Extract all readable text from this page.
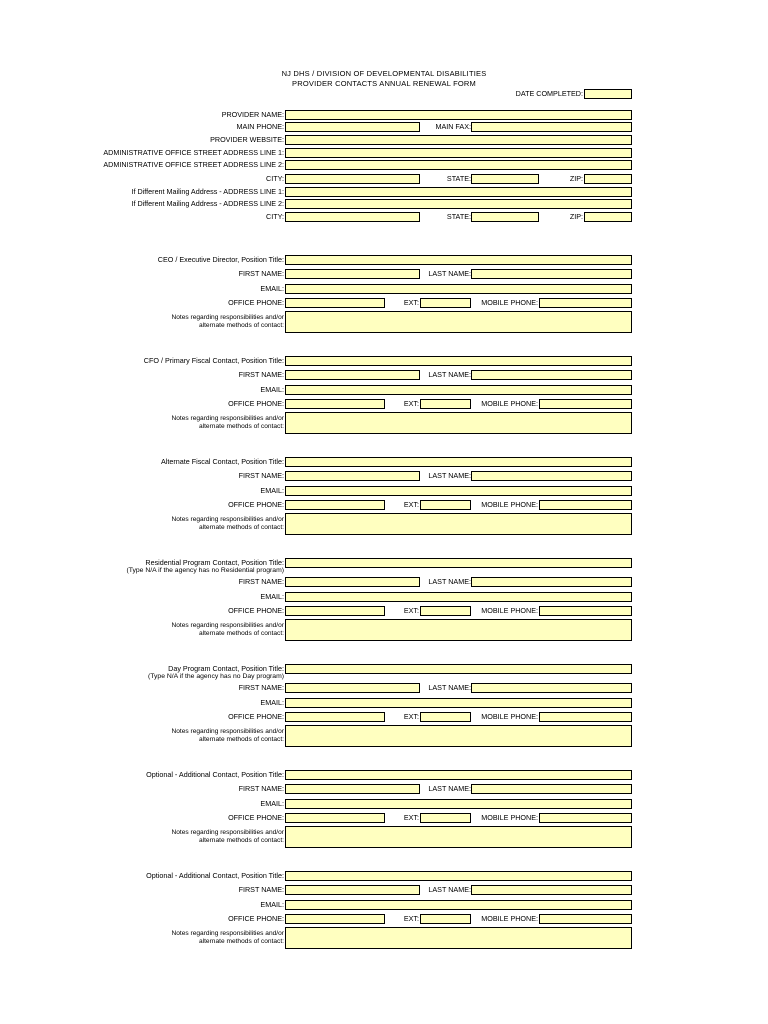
NJ DHS / DIVISION OF DEVELOPMENTAL DISABILITIES
PROVIDER CONTACTS ANNUAL RENEWAL FORM
DATE COMPLETED:
PROVIDER NAME:
MAIN PHONE:	MAIN FAX:
PROVIDER WEBSITE:
ADMINISTRATIVE OFFICE STREET ADDRESS LINE 1:
ADMINISTRATIVE OFFICE STREET ADDRESS LINE 2:
CITY:	STATE:	ZIP:
If Different Mailing Address - ADDRESS LINE 1:
If Different Mailing Address - ADDRESS LINE 2:
CITY:	STATE:	ZIP:
CEO / Executive Director, Position Title:
FIRST NAME:	LAST NAME:
EMAIL:
OFFICE PHONE:	EXT:	MOBILE PHONE:
Notes regarding responsibilities and/or
alternate methods of contact:
CFO / Primary Fiscal Contact, Position Title:
FIRST NAME:	LAST NAME:
EMAIL:
OFFICE PHONE:	EXT:	MOBILE PHONE:
Notes regarding responsibilities and/or
alternate methods of contact:
Alternate Fiscal Contact, Position Title:
FIRST NAME:	LAST NAME:
EMAIL:
OFFICE PHONE:	EXT:	MOBILE PHONE:
Notes regarding responsibilities and/or
alternate methods of contact:
Residential Program Contact, Position Title:
(Type N/A if the agency has no Residential program)
FIRST NAME:	LAST NAME:
EMAIL:
OFFICE PHONE:	EXT:	MOBILE PHONE:
Notes regarding responsibilities and/or
alternate methods of contact:
Day Program Contact, Position Title:
(Type N/A if the agency has no Day program)
FIRST NAME:	LAST NAME:
EMAIL:
OFFICE PHONE:	EXT:	MOBILE PHONE:
Notes regarding responsibilities and/or
alternate methods of contact:
Optional - Additional Contact, Position Title:
FIRST NAME:	LAST NAME:
EMAIL:
OFFICE PHONE:	EXT:	MOBILE PHONE:
Notes regarding responsibilities and/or
alternate methods of contact:
Optional - Additional Contact, Position Title:
FIRST NAME:	LAST NAME:
EMAIL:
OFFICE PHONE:	EXT:	MOBILE PHONE:
Notes regarding responsibilities and/or
alternate methods of contact:
